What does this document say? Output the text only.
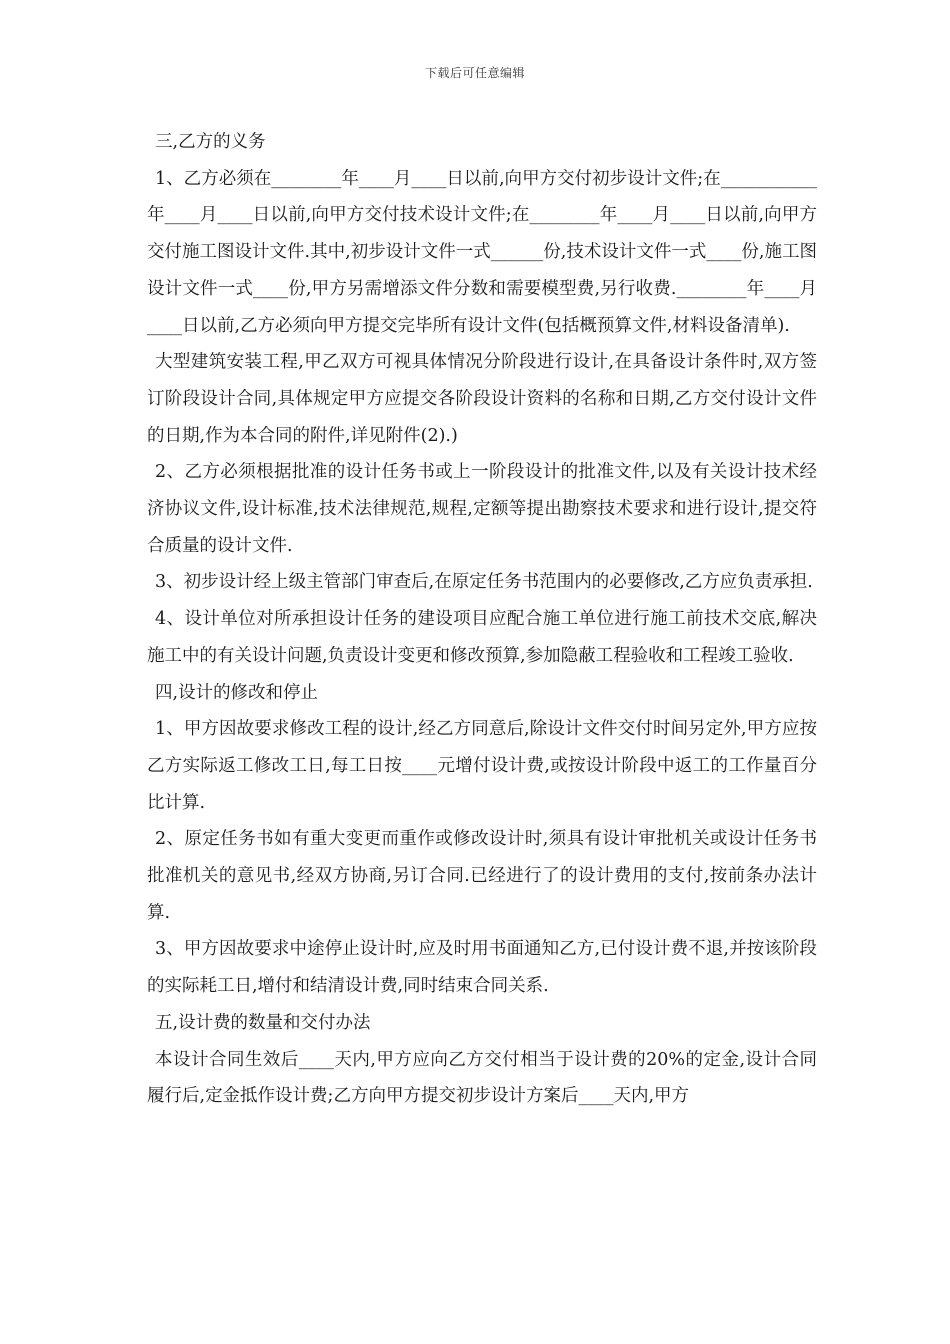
下载后可任意编辑

三,乙方的义务

1、乙方必须在________年____月____日以前,向甲方交付初步设计文件;在___________年____月____日以前,向甲方交付技术设计文件;在________年____月____日以前,向甲方交付施工图设计文件.其中,初步设计文件一式______份,技术设计文件一式____份,施工图设计文件一式____份,甲方另需增添文件分数和需要模型费,另行收费.________年____月____日以前,乙方必须向甲方提交完毕所有设计文件(包括概预算文件,材料设备清单).

大型建筑安装工程,甲乙双方可视具体情况分阶段进行设计,在具备设计条件时,双方签订阶段设计合同,具体规定甲方应提交各阶段设计资料的名称和日期,乙方交付设计文件的日期,作为本合同的附件,详见附件(2).)

2、乙方必须根据批准的设计任务书或上一阶段设计的批准文件,以及有关设计技术经济协议文件,设计标准,技术法律规范,规程,定额等提出勘察技术要求和进行设计,提交符合质量的设计文件.

3、初步设计经上级主管部门审查后,在原定任务书范围内的必要修改,乙方应负责承担.

4、设计单位对所承担设计任务的建设项目应配合施工单位进行施工前技术交底,解决施工中的有关设计问题,负责设计变更和修改预算,参加隐蔽工程验收和工程竣工验收.

四,设计的修改和停止

1、甲方因故要求修改工程的设计,经乙方同意后,除设计文件交付时间另定外,甲方应按乙方实际返工修改工日,每工日按____元增付设计费,或按设计阶段中返工的工作量百分比计算.

2、原定任务书如有重大变更而重作或修改设计时,须具有设计审批机关或设计任务书批准机关的意见书,经双方协商,另订合同.已经进行了的设计费用的支付,按前条办法计算.

3、甲方因故要求中途停止设计时,应及时用书面通知乙方,已付设计费不退,并按该阶段的实际耗工日,增付和结清设计费,同时结束合同关系.

五,设计费的数量和交付办法

本设计合同生效后____天内,甲方应向乙方交付相当于设计费的20%的定金,设计合同履行后,定金抵作设计费;乙方向甲方提交初步设计方案后____天内,甲方
